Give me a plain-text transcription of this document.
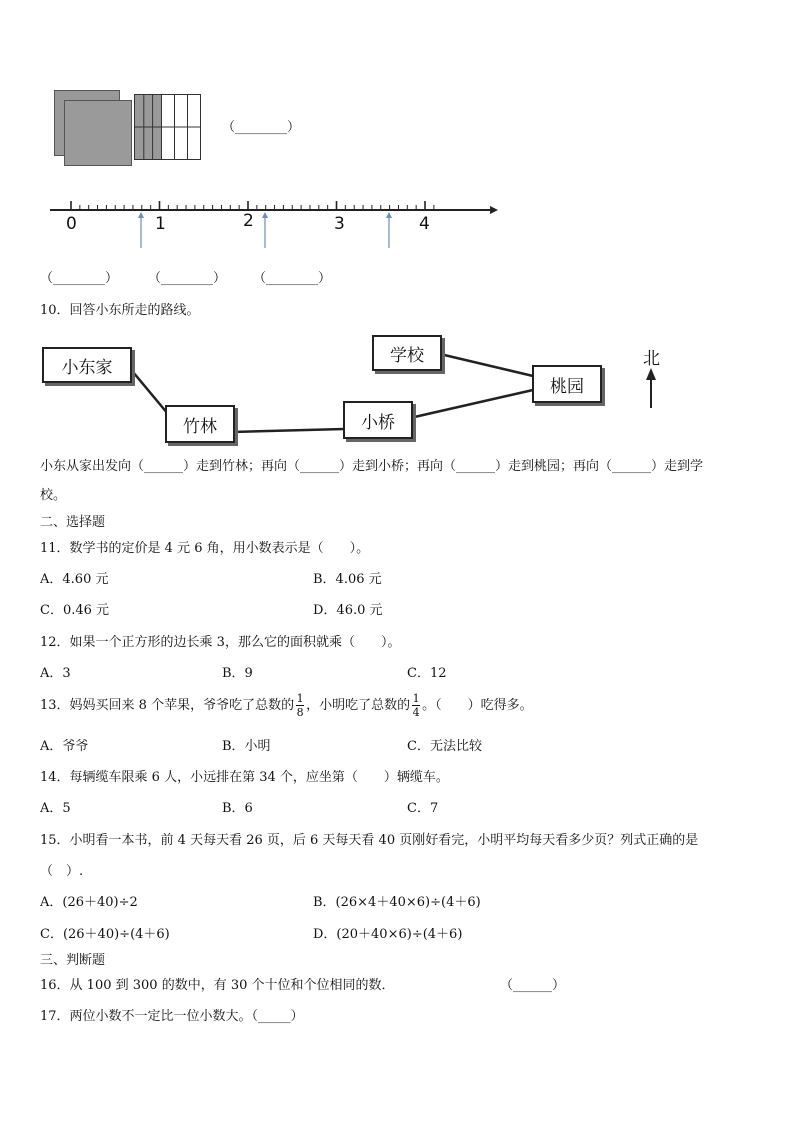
（________）
0	1	2	3	4
（________） （________） （________）
10．回答小东所走的路线。
小东家
竹林	小桥
学校
桃园
北
小东从家出发向（______）走到竹林；再向（______）走到小桥；再向（______）走到桃园；再向（______）走到学
校。
二、选择题
11．数学书的定价是 4 元 6 角，用小数表示是（　　）。
A．4.60 元	B．4.06 元
C．0.46 元	D．46.0 元
12．如果一个正方形的边长乘 3，那么它的面积就乘（　　）。
A．3	B．9	C．12
13．妈妈买回来 8 个苹果，爷爷吃了总数的 $\frac{1}{8}$ ，小明吃了总数的 $\frac{1}{4}$ 。（　　）吃得多。
A．爷爷	B．小明	C．无法比较
14．每辆缆车限乘 6 人，小远排在第 34 个，应坐第（　　）辆缆车。
A．5	B．6	C．7
15．小明看一本书，前 4 天每天看 26 页，后 6 天每天看 40 页刚好看完，小明平均每天看多少页？列式正确的是
（　）.
A．(26＋40)÷2	B．(26×4＋40×6)÷(4＋6)
C．(26＋40)÷(4＋6)	D．(20＋40×6)÷(4＋6)
三、判断题
16．从 100 到 300 的数中，有 30 个十位和个位相同的数．	（______）
17．两位小数不一定比一位小数大。（_____）
